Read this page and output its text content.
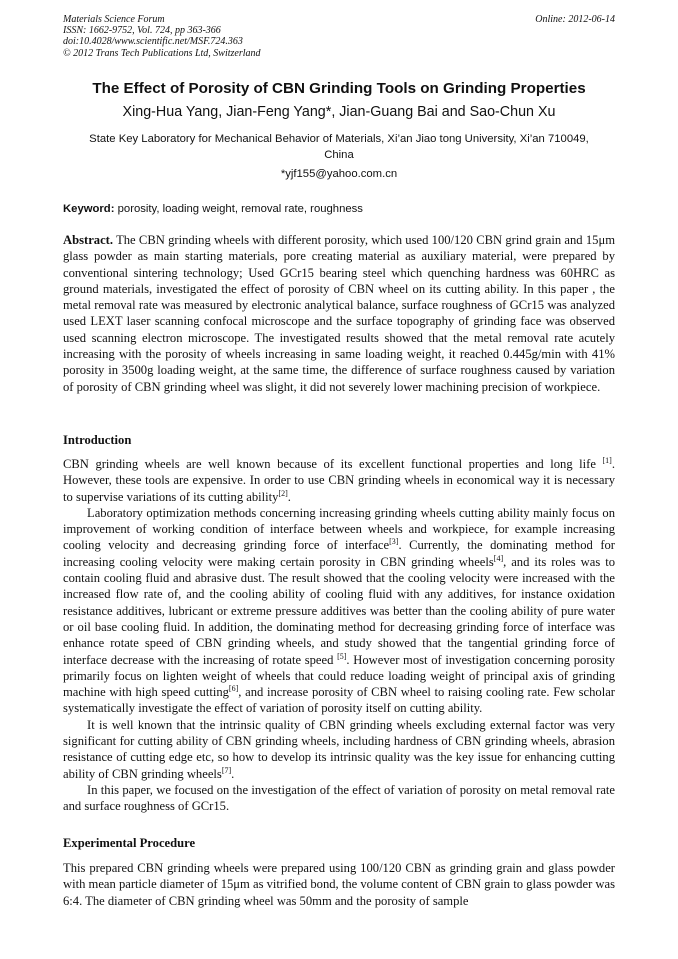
Materials Science Forum
ISSN: 1662-9752, Vol. 724, pp 363-366
doi:10.4028/www.scientific.net/MSF.724.363
© 2012 Trans Tech Publications Ltd, Switzerland
Online: 2012-06-14
The Effect of Porosity of CBN Grinding Tools on Grinding Properties
Xing-Hua Yang, Jian-Feng Yang*, Jian-Guang Bai and Sao-Chun Xu
State Key Laboratory for Mechanical Behavior of Materials, Xi’an Jiao tong University, Xi’an 710049, China
*yjf155@yahoo.com.cn
Keyword: porosity, loading weight, removal rate, roughness
Abstract. The CBN grinding wheels with different porosity, which used 100/120 CBN grind grain and 15μm glass powder as main starting materials, pore creating material as auxiliary material, were prepared by conventional sintering technology; Used GCr15 bearing steel which quenching hardness was 60HRC as ground materials, investigated the effect of porosity of CBN wheel on its cutting ability. In this paper , the metal removal rate was measured by electronic analytical balance, surface roughness of GCr15 was analyzed used LEXT laser scanning confocal microscope and the surface topography of grinding face was observed used scanning electron microscope. The investigated results showed that the metal removal rate acutely increasing with the porosity of wheels increasing in same loading weight, it reached 0.445g/min with 41% porosity in 3500g loading weight, at the same time, the difference of surface roughness caused by variation of porosity of CBN grinding wheel was slight, it did not severely lower machining precision of workpiece.
Introduction

CBN grinding wheels are well known because of its excellent functional properties and long life [1]. However, these tools are expensive. In order to use CBN grinding wheels in economical way it is necessary to supervise variations of its cutting ability[2].

Laboratory optimization methods concerning increasing grinding wheels cutting ability mainly focus on improvement of working condition of interface between wheels and workpiece, for example increasing cooling velocity and decreasing grinding force of interface[3]. Currently, the dominating method for increasing cooling velocity were making certain porosity in CBN grinding wheels[4], and its roles was to contain cooling fluid and abrasive dust. The result showed that the cooling velocity were increased with the increased flow rate of, and the cooling ability of cooling fluid with any additives, for instance oxidation resistance additives, lubricant or extreme pressure additives was better than the cooling ability of pure water or oil base cooling fluid. In addition, the dominating method for decreasing grinding force of interface was enhance rotate speed of CBN grinding wheels, and study showed that the tangential grinding force of interface decrease with the increasing of rotate speed [5]. However most of investigation concerning porosity primarily focus on lighten weight of wheels that could reduce loading weight of principal axis of grinding machine with high speed cutting[6], and increase porosity of CBN wheel to raising cooling rate. Few scholar systematically investigate the effect of variation of porosity itself on cutting ability.

It is well known that the intrinsic quality of CBN grinding wheels excluding external factor was very significant for cutting ability of CBN grinding wheels, including hardness of CBN grinding wheels, abrasion resistance of cutting edge etc, so how to develop its intrinsic quality was the key issue for enhancing cutting ability of CBN grinding wheels[7].

In this paper, we focused on the investigation of the effect of variation of porosity on metal removal rate and surface roughness of GCr15.

Experimental Procedure

This prepared CBN grinding wheels were prepared using 100/120 CBN as grinding grain and glass powder with mean particle diameter of 15μm as vitrified bond, the volume content of CBN grain to glass powder was 6:4. The diameter of CBN grinding wheel was 50mm and the porosity of sample
